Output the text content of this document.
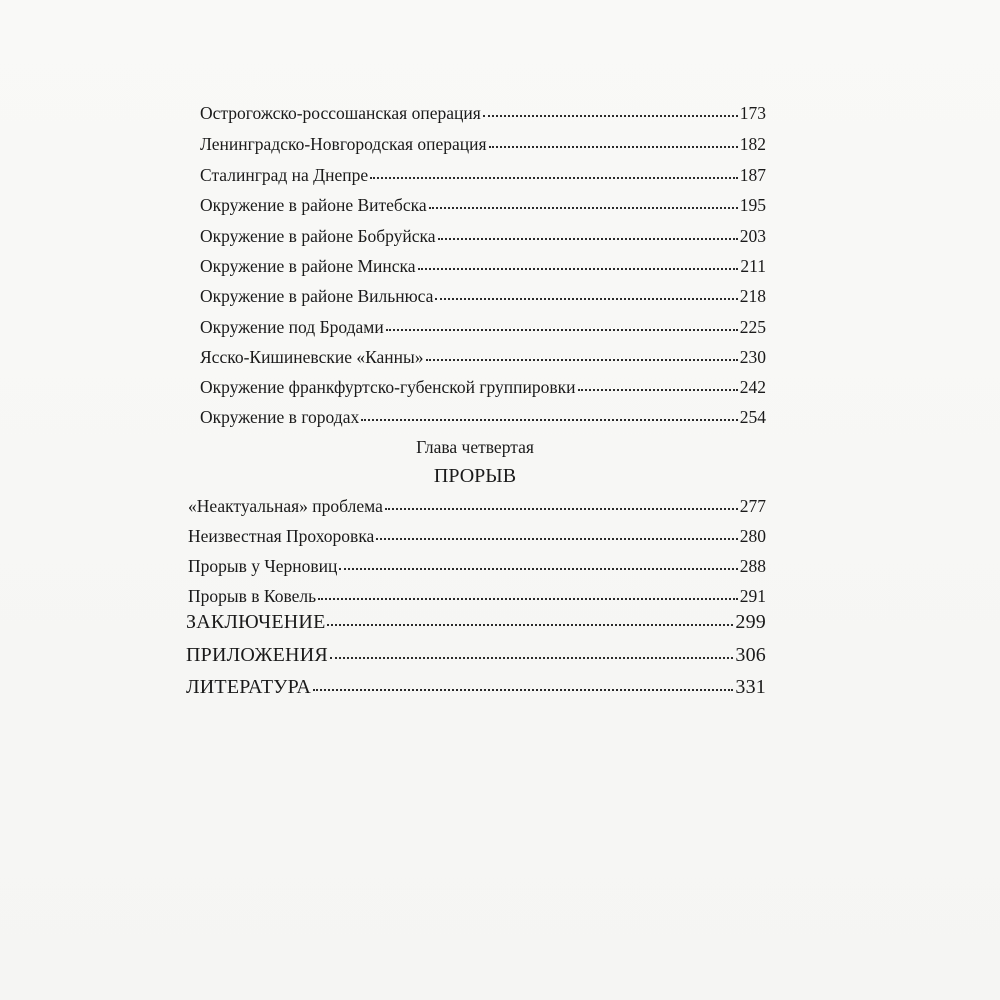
Острогожско-россошанская операция	173
Ленинградско-Новгородская операция	182
Сталинград на Днепре	187
Окружение в районе Витебска	195
Окружение в районе Бобруйска	203
Окружение в районе Минска	211
Окружение в районе Вильнюса	218
Окружение под Бродами	225
Ясско-Кишиневские «Канны»	230
Окружение франкфуртско-губенской группировки	242
Окружение в городах	254
Глава четвертая
ПРОРЫВ
«Неактуальная» проблема	277
Неизвестная Прохоровка	280
Прорыв у Черновиц	288
Прорыв в Ковель	291
ЗАКЛЮЧЕНИЕ	299
ПРИЛОЖЕНИЯ	306
ЛИТЕРАТУРА	331
